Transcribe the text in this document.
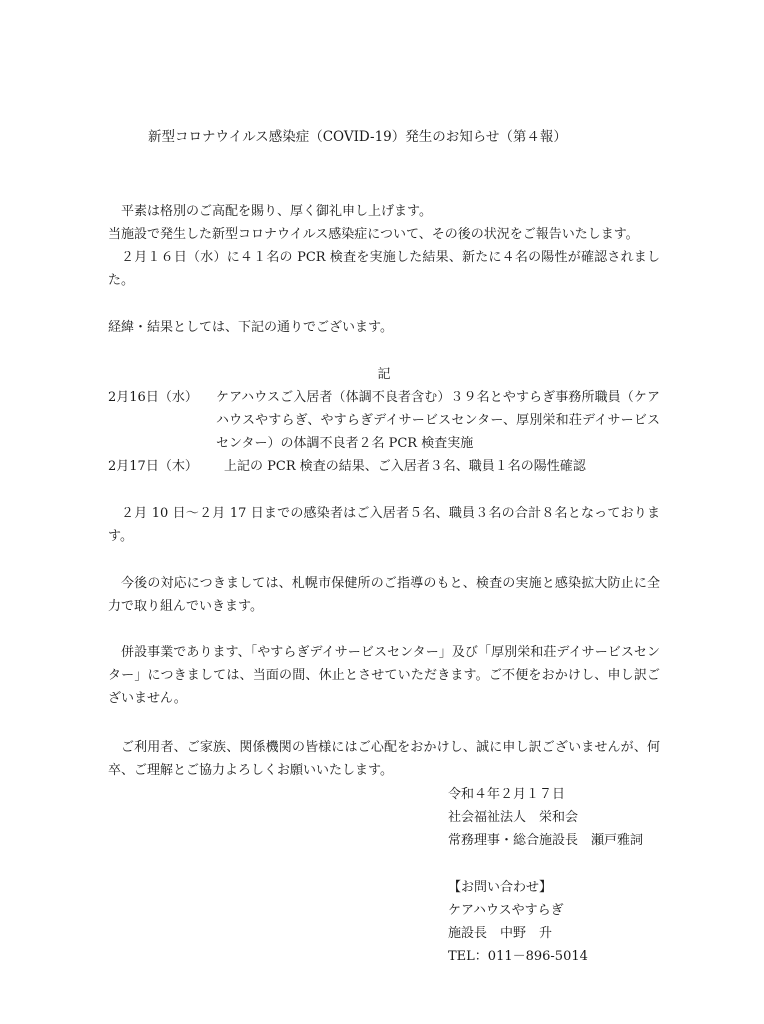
新型コロナウイルス感染症（COVID-19）発生のお知らせ（第４報）

平素は格別のご高配を賜り、厚く御礼申し上げます。

当施設で発生した新型コロナウイルス感染症について、その後の状況をご報告いたします。

２月１６日（水）に４１名の PCR 検査を実施した結果、新たに４名の陽性が確認されました。

経緯・結果としては、下記の通りでございます。

記

2月16日（水） ケアハウスご入居者（体調不良者含む）３９名とやすらぎ事務所職員（ケアハウスやすらぎ、やすらぎデイサービスセンター、厚別栄和荘デイサービスセンター）の体調不良者２名 PCR 検査実施
2月17日（木） 上記の PCR 検査の結果、ご入居者３名、職員１名の陽性確認

２月 10 日～２月 17 日までの感染者はご入居者５名、職員３名の合計８名となっております。

今後の対応につきましては、札幌市保健所のご指導のもと、検査の実施と感染拡大防止に全力で取り組んでいきます。

併設事業であります、「やすらぎデイサービスセンター」及び「厚別栄和荘デイサービスセンター」につきましては、当面の間、休止とさせていただきます。ご不便をおかけし、申し訳ございません。

ご利用者、ご家族、関係機関の皆様にはご心配をおかけし、誠に申し訳ございませんが、何卒、ご理解とご協力よろしくお願いいたします。

令和４年２月１７日
社会福祉法人　栄和会
常務理事・総合施設長　瀬戸雅詞
【お問い合わせ】
ケアハウスやすらぎ
施設長　中野　升
TEL：011－896-5014
